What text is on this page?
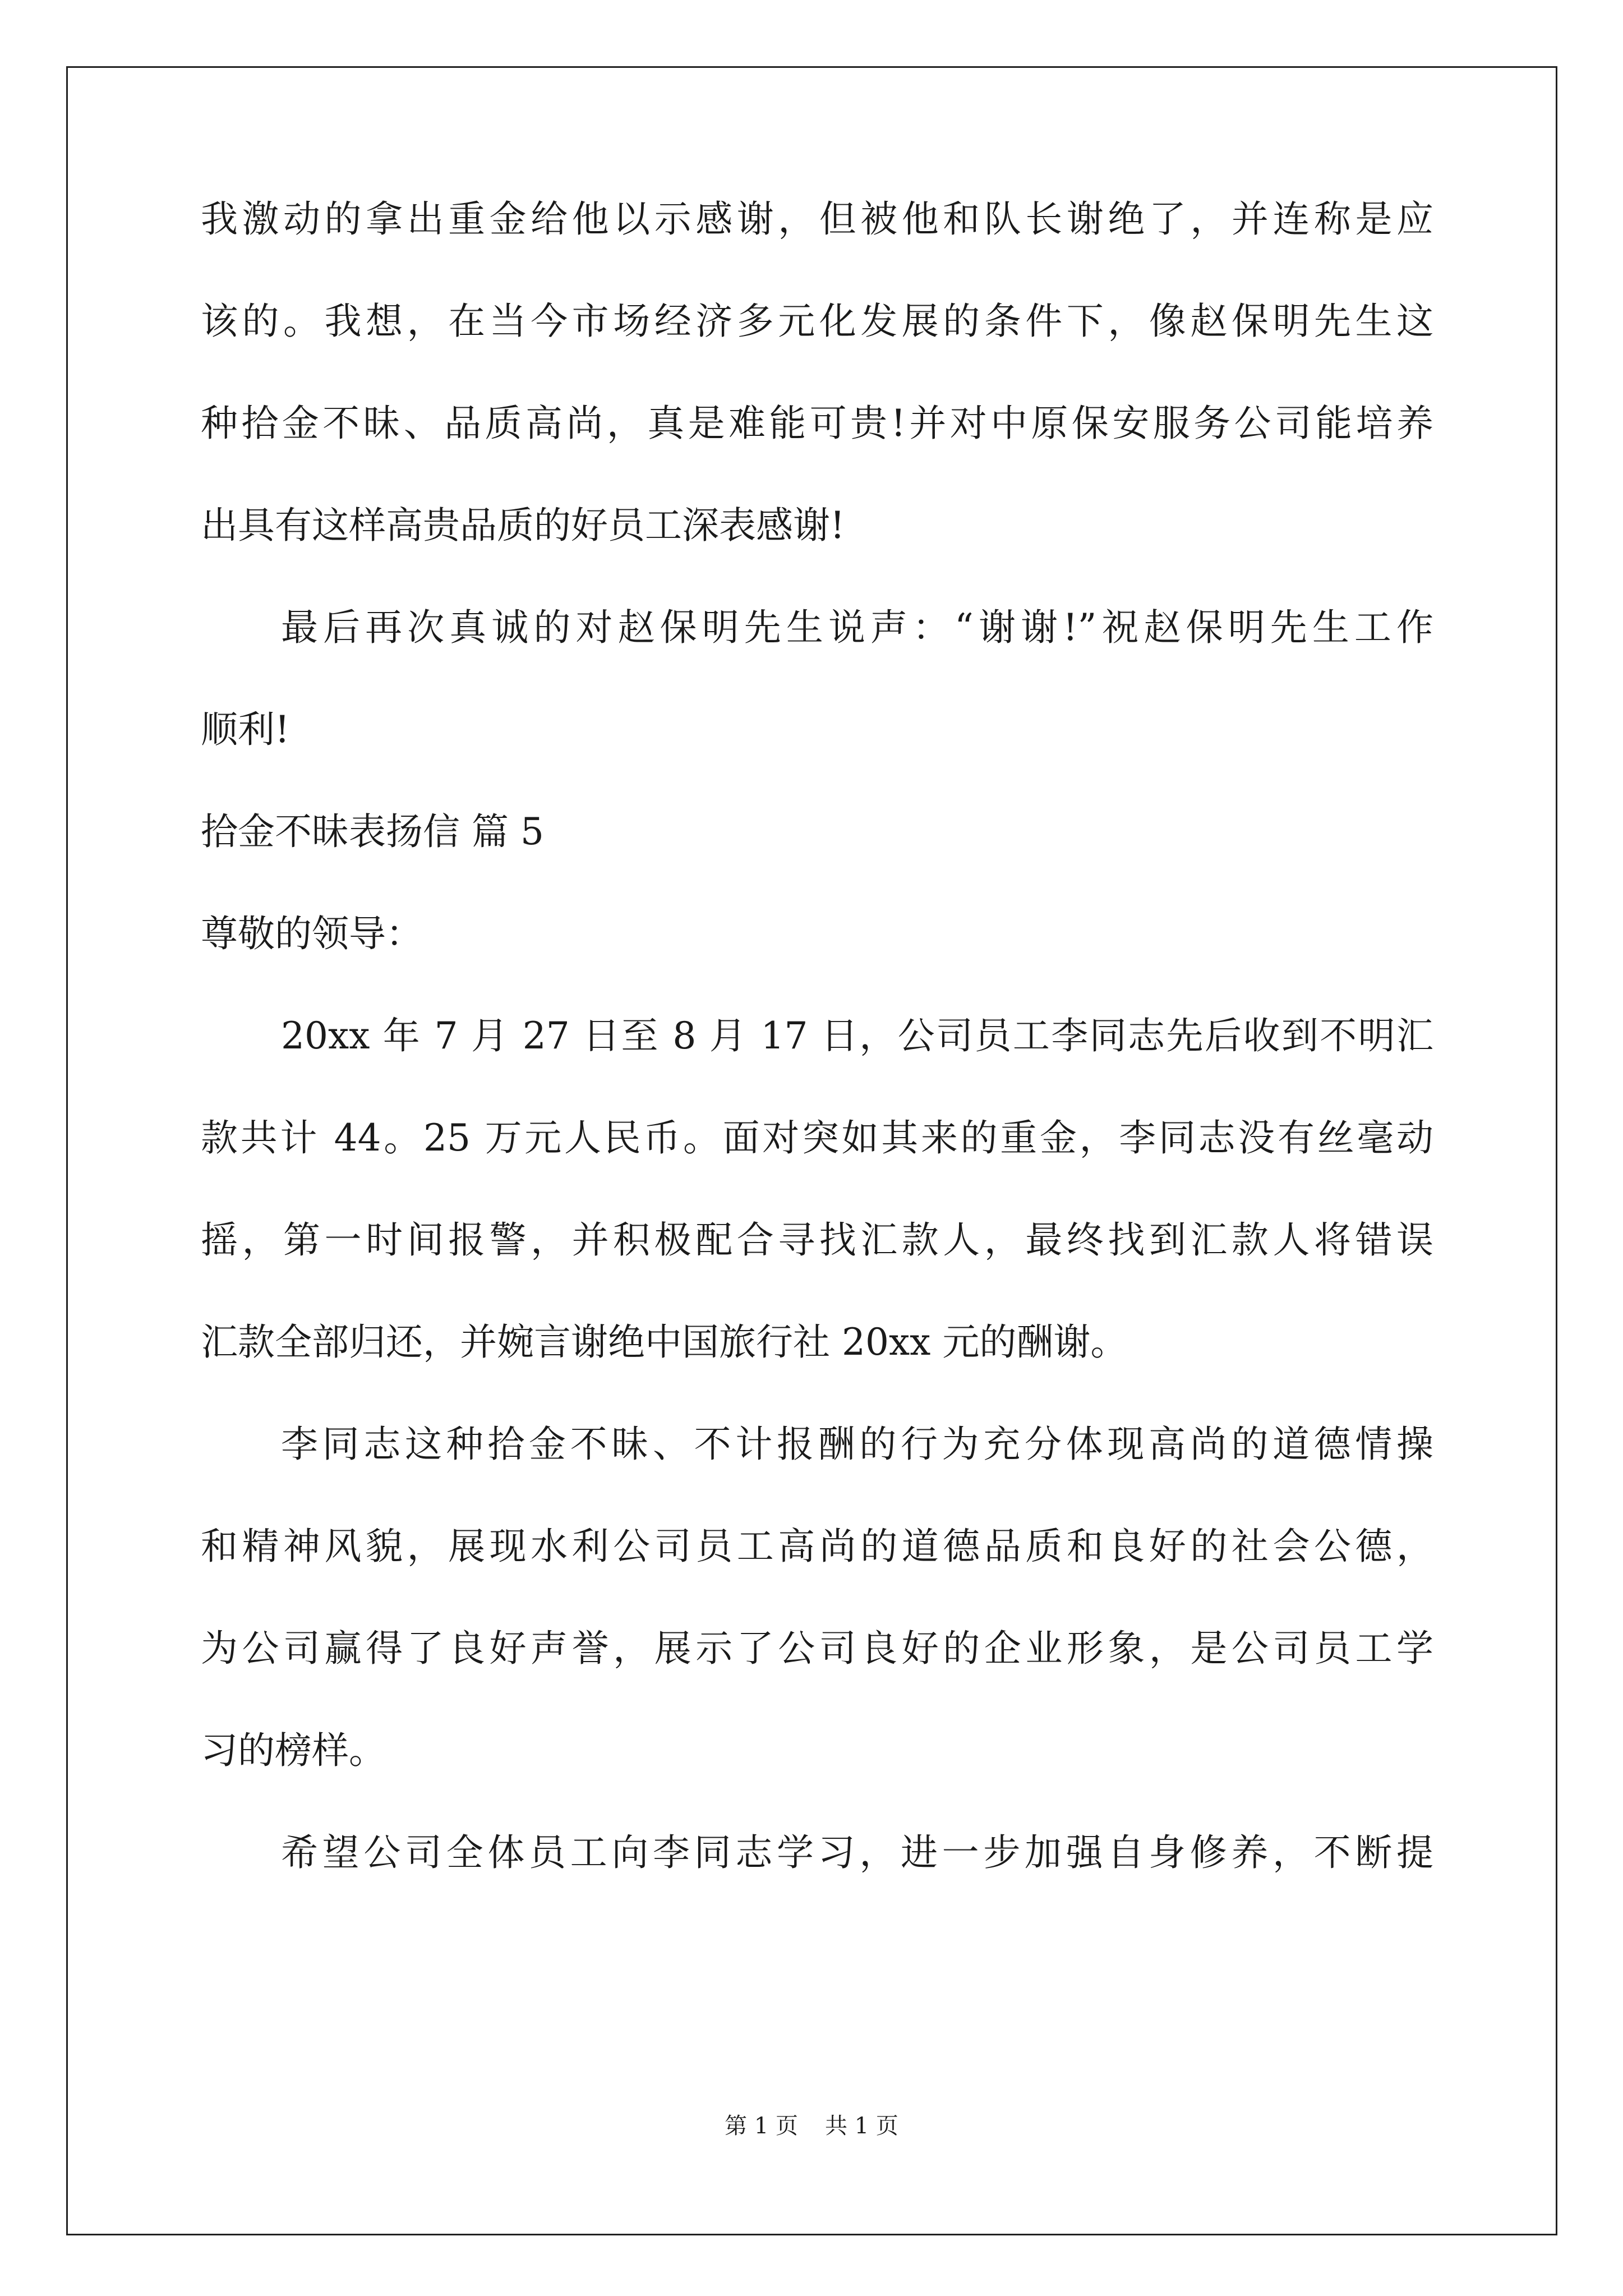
我激动的拿出重金给他以示感谢，但被他和队长谢绝了，并连称是应
该的。我想，在当今市场经济多元化发展的条件下，像赵保明先生这
种拾金不昧、品质高尚，真是难能可贵!并对中原保安服务公司能培养
出具有这样高贵品质的好员工深表感谢!
最后再次真诚的对赵保明先生说声：“谢谢!”祝赵保明先生工作
顺利!
拾金不昧表扬信 篇 5
尊敬的领导：
20xx 年 7 月 27 日至 8 月 17 日，公司员工李同志先后收到不明汇
款共计 44。25 万元人民币。面对突如其来的重金，李同志没有丝毫动
摇，第一时间报警，并积极配合寻找汇款人，最终找到汇款人将错误
汇款全部归还，并婉言谢绝中国旅行社 20xx 元的酬谢。
李同志这种拾金不昧、不计报酬的行为充分体现高尚的道德情操
和精神风貌，展现水利公司员工高尚的道德品质和良好的社会公德，
为公司赢得了良好声誉，展示了公司良好的企业形象，是公司员工学
习的榜样。
希望公司全体员工向李同志学习，进一步加强自身修养，不断提
第 1 页 共 1 页
